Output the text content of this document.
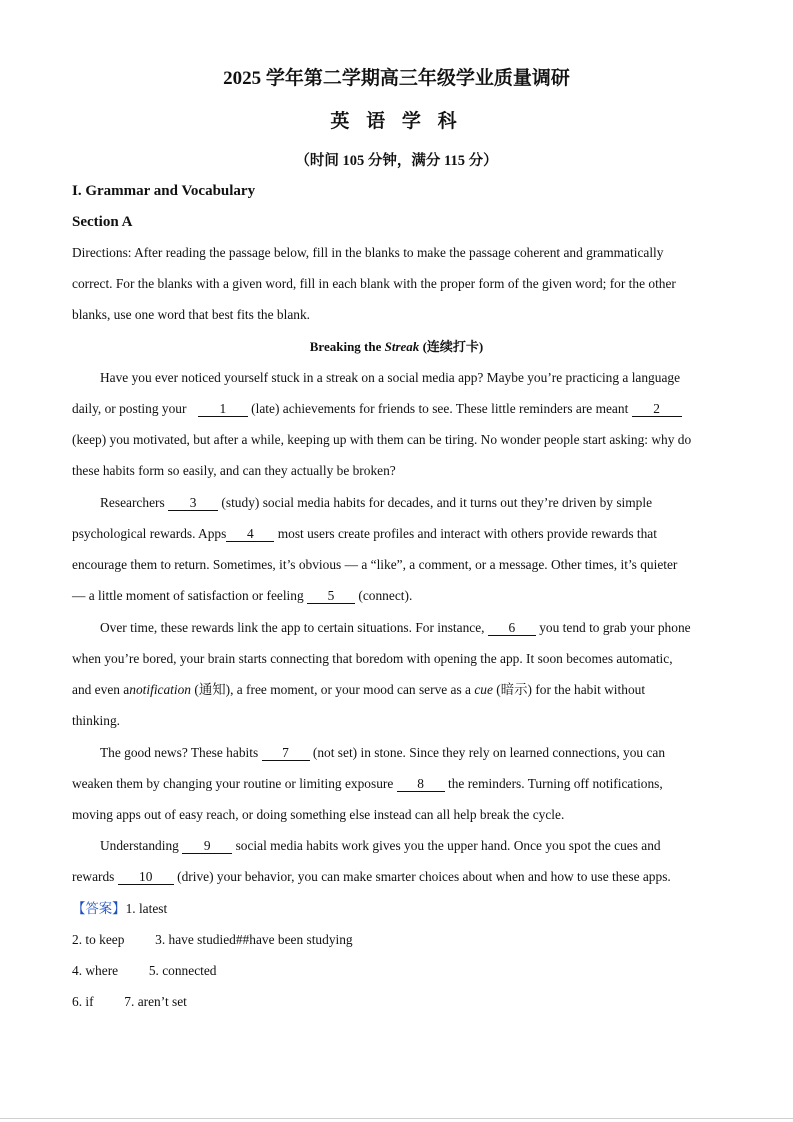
2025 学年第二学期高三年级学业质量调研
英 语 学 科
（时间 105 分钟，满分 115 分）
I. Grammar and Vocabulary
Section A
Directions: After reading the passage below, fill in the blanks to make the passage coherent and grammatically
correct. For the blanks with a given word, fill in each blank with the proper form of the given word; for the other
blanks, use one word that best fits the blank.
Breaking the Streak (连续打卡)
Have you ever noticed yourself stuck in a streak on a social media app? Maybe you’re practicing a language
daily, or posting your 1 (late) achievements for friends to see. These little reminders are meant 2
(keep) you motivated, but after a while, keeping up with them can be tiring. No wonder people start asking: why do
these habits form so easily, and can they actually be broken?
Researchers 3 (study) social media habits for decades, and it turns out they’re driven by simple
psychological rewards. Apps 4 most users create profiles and interact with others provide rewards that
encourage them to return. Sometimes, it’s obvious — a “like”, a comment, or a message. Other times, it’s quieter
— a little moment of satisfaction or feeling 5 (connect).
Over time, these rewards link the app to certain situations. For instance, 6 you tend to grab your phone
when you’re bored, your brain starts connecting that boredom with opening the app. It soon becomes automatic,
and even anotification (通知), a free moment, or your mood can serve as a cue (暗示) for the habit without
thinking.
The good news? These habits 7 (not set) in stone. Since they rely on learned connections, you can
weaken them by changing your routine or limiting exposure 8 the reminders. Turning off notifications,
moving apps out of easy reach, or doing something else instead can all help break the cycle.
Understanding 9 social media habits work gives you the upper hand. Once you spot the cues and
rewards 10 (drive) your behavior, you can make smarter choices about when and how to use these apps.
【答案】1. latest
2. to keep 3. have studied##have been studying
4. where 5. connected
6. if 7. aren’t set
